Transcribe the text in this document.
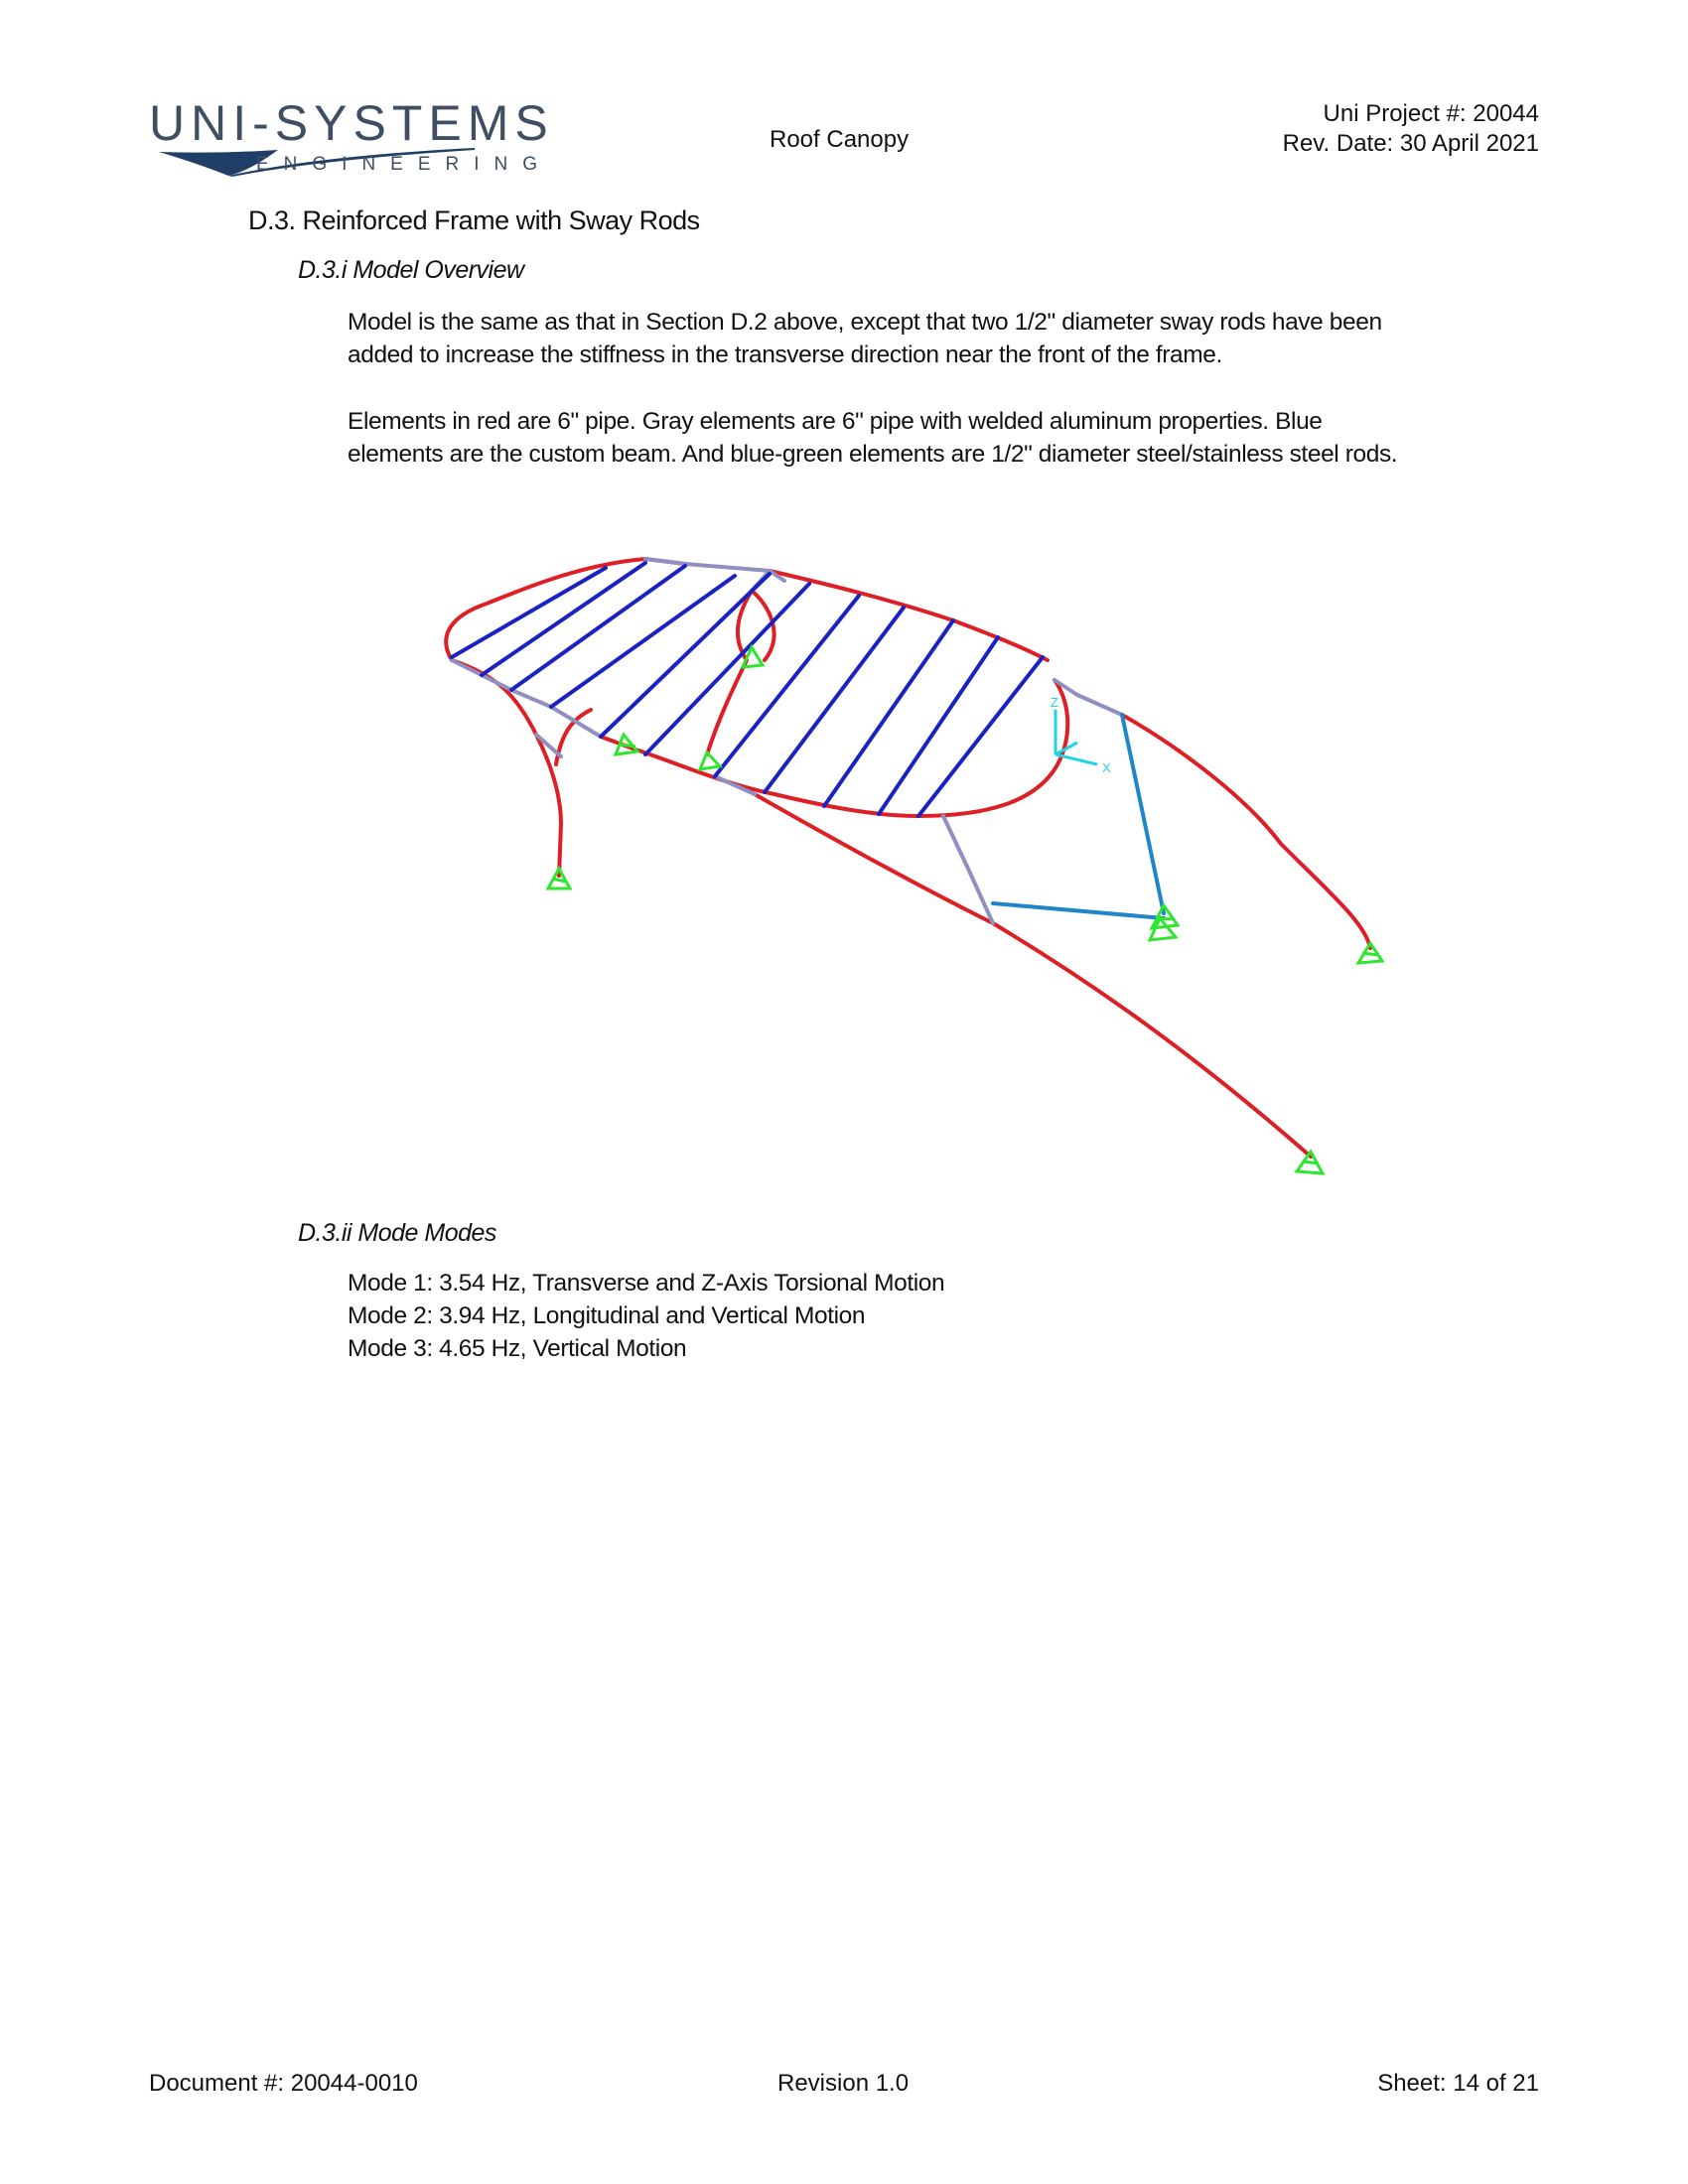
UNI-SYSTEMS
ENGINEERING
Roof Canopy
Uni Project #: 20044
Rev. Date: 30 April 2021
D.3. Reinforced Frame with Sway Rods
D.3.i Model Overview
Model is the same as that in Section D.2 above, except that two 1/2" diameter sway rods have been added to increase the stiffness in the transverse direction near the front of the frame.
Elements in red are 6" pipe. Gray elements are 6" pipe with welded aluminum properties. Blue elements are the custom beam. And blue-green elements are 1/2" diameter steel/stainless steel rods.
Z
X
D.3.ii Mode Modes
Mode 1: 3.54 Hz, Transverse and Z-Axis Torsional Motion
Mode 2: 3.94 Hz, Longitudinal and Vertical Motion
Mode 3: 4.65 Hz, Vertical Motion
Document #: 20044-0010	Revision 1.0	Sheet: 14 of 21
